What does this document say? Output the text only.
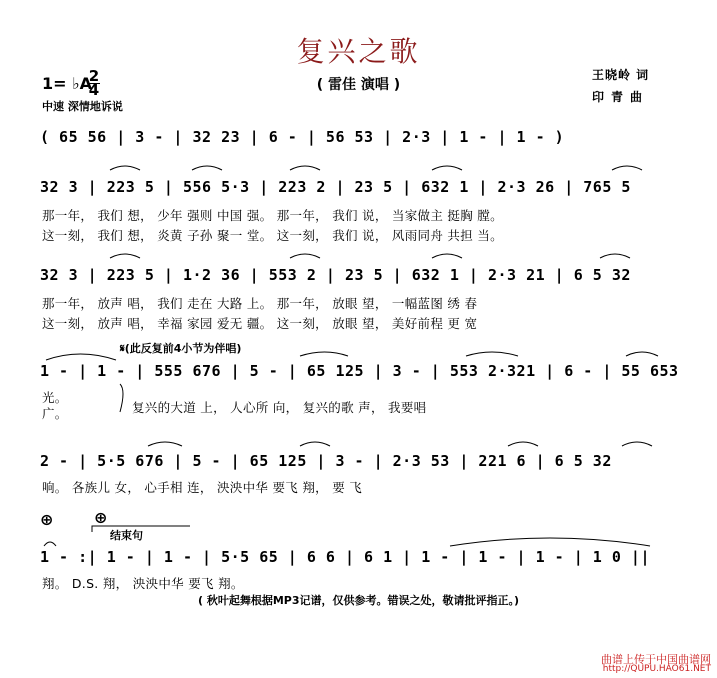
复兴之歌
( 雷佳 演唱 )
1= ♭A
2
4
中速 深情地诉说
王晓岭 词
印青曲
( 65 56 | 3 - | 32 23 | 6 - | 56 53 | 2·3 | 1 - | 1 - )
32 3 | 223 5 | 556 5·3 | 223 2 | 23 5 | 632 1 | 2·3 26 | 765 5
那一年， 我们 想， 少年 强则 中国 强。 那一年， 我们 说， 当家做主 挺胸 膛。
这一刻， 我们 想， 炎黄 子孙 聚一 堂。 这一刻， 我们 说， 风雨同舟 共担 当。
32 3 | 223 5 | 1·2 36 | 553 2 | 23 5 | 632 1 | 2·3 21 | 6 5 32
那一年， 放声 唱， 我们 走在 大路 上。 那一年， 放眼 望， 一幅蓝图 绣 春
这一刻， 放声 唱， 幸福 家园 爱无 疆。 这一刻， 放眼 望， 美好前程 更 宽
𝄋(此反复前4小节为伴唱)
1 - | 1 - | 555 676 | 5 - | 65 125 | 3 - | 553 2·321 | 6 - | 55 653
光。
广。	复兴的大道 上， 人心所 向， 复兴的歌 声， 我要唱
2 - | 5·5 676 | 5 - | 65 125 | 3 - | 2·3 53 | 221 6 | 6 5 32
响。 各族儿 女， 心手相 连， 泱泱中华 要飞 翔， 要 飞
⊕	⊕
结束句
1 - :| 1 - | 1 - | 5·5 65 | 6 6 | 6 1 | 1 - | 1 - | 1 - | 1 0 ||
翔。 D.S. 翔， 泱泱中华 要飞 翔。
( 秋叶起舞根据MP3记谱，仅供参考。错误之处，敬请批评指正。)
曲谱上传于中国曲谱网
http://QUPU.HAO61.NET
